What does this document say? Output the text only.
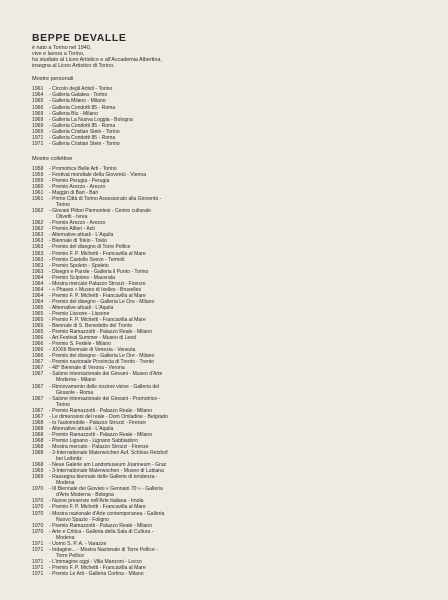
BEPPE DEVALLE
è nato a Torino nel 1940,
vive e lavora a Torino,
ha studiato al Liceo Artistico e all'Accademia Albertina,
insegna al Liceo Artistico di Torino.
Mostre personali
1961	- Circolo degli Artisti - Torino
1964	- Galleria Galatea - Torino
1965	- Galleria Milano - Milano
1966	- Galleria Condotti 85 - Roma
1969	- Galleria Blu - Milano
1969	- Galleria La Nuova Loggia - Bologna
1969	- Galleria Condotti 85 - Roma
1969	- Galleria Cristian Stein - Torino
1971	- Galleria Condotti 85 - Roma
1971	- Galleria Cristian Stein - Torino
Mostre collettive
1958	- Promotrice Belle Arti - Torino
1959	- Festival mondiale della Gioventù - Vienna
1959	- Premio Perugia - Perugia
1960	- Premio Arezzo - Arezzo
1961	- Maggio di Bari - Bari
1961	- Primo Città di Torino Assessorato alla Gioventù -
Torino
1962	- Giovani Pittori Piemontesi - Centro culturale
Olivetti - Ivrea
1962	- Premio Arezzo - Arezzo
1962	- Premio Alfieri - Asti
1963	- Alternative attuali - L'Aquila
1963	- Biennale di Tokio - Tokio
1963	- Premio del disegno di Torre Pellice
1963	- Premio F. P. Michetti - Francavilla al Mare
1963	- Premio Castello Svevo - Termoli
1963	- Premio Spoleto - Spoleto
1963	- Disegni e Parole - Galleria il Punto - Torino
1964	- Premio Scipione - Macerata
1964	- Mostra mercato Palazzo Strozzi - Firenze
1964	- « Phases » Museo di Ixelles - Bruxelles
1964	- Premio F. P. Michetti - Francavilla al Mare
1964	- Premio del disegno - Galleria Le Ore - Milano
1965	- Alternative attuali - L'Aquila
1965	- Premio Lissone - Lissone
1965	- Premio F. P. Michetti - Francavilla al Mare
1965	- Biennale di S. Benedetto del Tronto
1965	- Premio Ramazzotti - Palazzo Reale - Milano
1966	- Art Festival Summer - Museo di Leed
1966	- Premio S. Fedele - Milano
1966	- XXXIII Biennale di Venezia - Venezia
1966	- Premio del disegno - Galleria Le Ore - Milano
1967	- Premio nazionale Provincia di Trento - Trento
1967	- 48° Biennale di Verona - Verona
1967	- Salone internazionale dei Giovani - Museo d'Arte
Moderna - Milano
1967	- Rinnovamento delle nozioni visive - Galleria del
Girasole - Roma
1967	- Salone internazionale dei Giovani - Promotrice -
Torino
1967	- Premio Ramazzotti - Palazzo Reale - Milano
1967	- Le dimensioni del reale - Dom Omladine - Belgrado
1968	- Io l'automobile - Palazzo Strozzi - Firenze
1968	- Alternative attuali - L'Aquila
1968	- Premio Ramazzotti - Palazzo Reale - Milano
1968	- Premio Lignano - Lignano Sabbiadoro
1968	- Mostra mercato - Palazzo Strozzi - Firenze
1968	- 3-Internationale Malerwochen Auf. Schloss Retzhof
bei Leibnitz
1968	- Neue Galerie am Landsmuseum Joanneum - Graz
1969	- 3-Internationale Malerwochen - Museo di Lubiana
1969	- Rassegna biennale delle Gallerie di tendenza -
Modena
1970	- III Biennale dei Giovani « Gennaio 70 » - Galleria
d'Arte Moderna - Bologna
1970	- Nuove presenze nell'Arte italiana - Imola
1970	- Premio F. P. Michetti - Francavilla al Mare
1970	- Mostra nazionale d'Arte contemporanea - Galleria
Nuovo Spazio - Foligno
1970	- Premio Ramazzotti - Palazzo Reale - Milano
1970	- Arte e Critica - Galleria della Sala di Cultura -
Modena
1971	- Uomo S. P. A. - Varazze
1971	- Indagine... - Mostra Nazionale di Torre Pellice -
Torre Pellice
1971	- L'immagine oggi - Villa Manzoni - Lecco
1971	- Premio F. P. Michetti - Francavilla al Mare
1971	- Premio Le Arti - Galleria Cortina - Milano
